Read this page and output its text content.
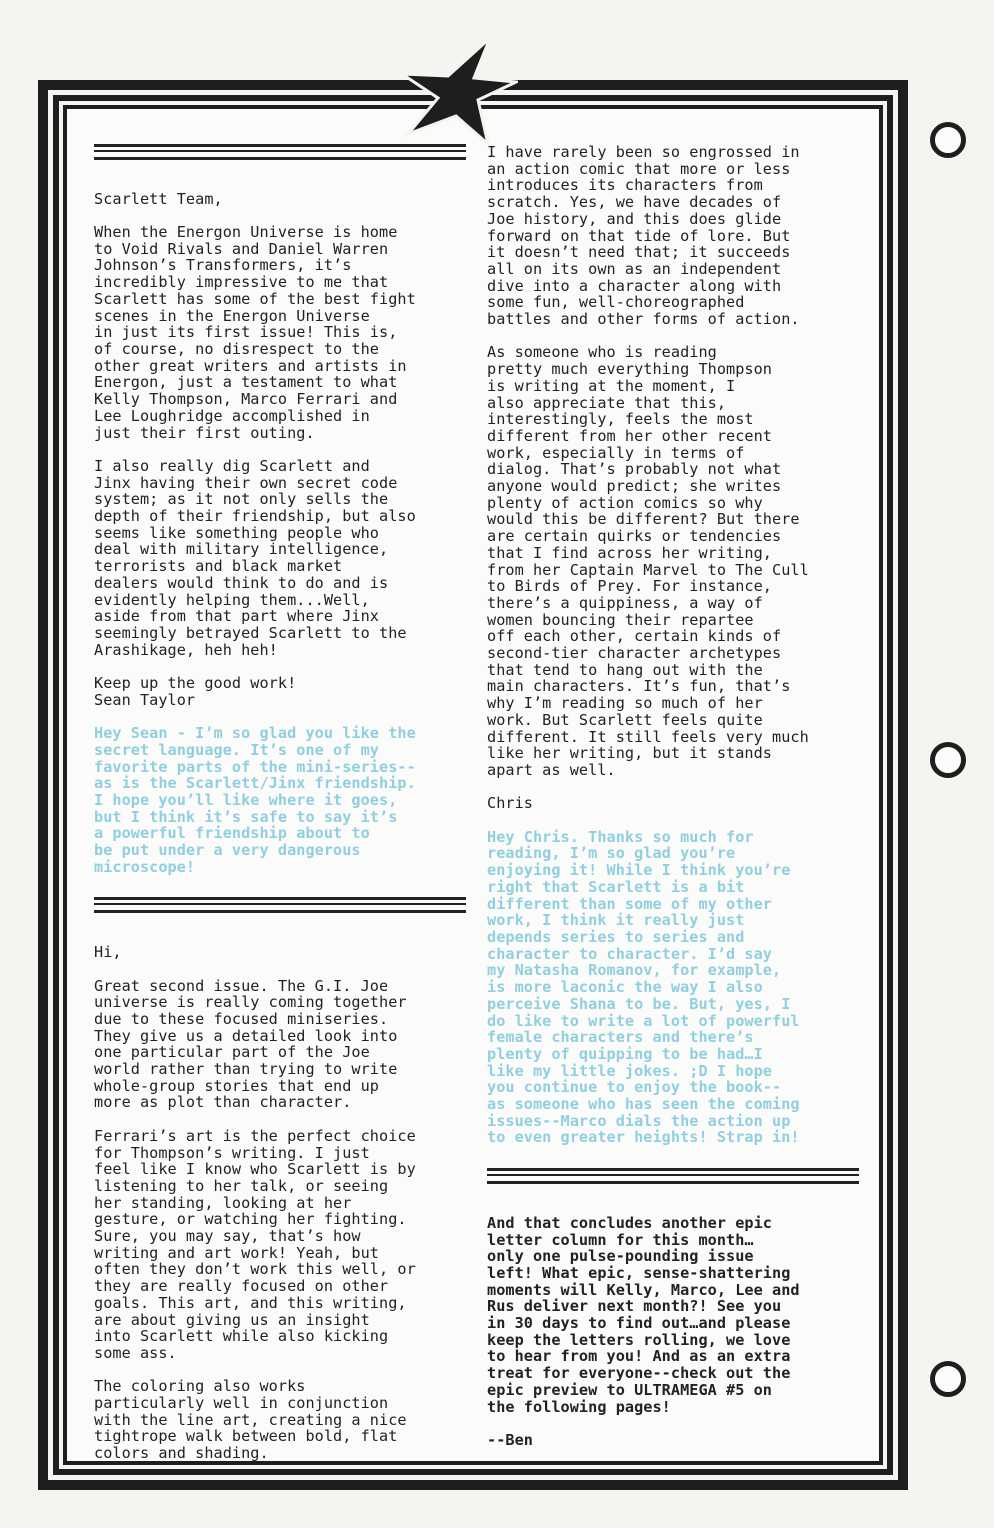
Scarlett Team,

When the Energon Universe is home
to Void Rivals and Daniel Warren
Johnson’s Transformers, it’s
incredibly impressive to me that
Scarlett has some of the best fight
scenes in the Energon Universe
in just its first issue! This is,
of course, no disrespect to the
other great writers and artists in
Energon, just a testament to what
Kelly Thompson, Marco Ferrari and
Lee Loughridge accomplished in
just their first outing.

I also really dig Scarlett and
Jinx having their own secret code
system; as it not only sells the
depth of their friendship, but also
seems like something people who
deal with military intelligence,
terrorists and black market
dealers would think to do and is
evidently helping them...Well,
aside from that part where Jinx
seemingly betrayed Scarlett to the
Arashikage, heh heh!

Keep up the good work!
Sean Taylor

Hey Sean - I’m so glad you like the
secret language. It’s one of my
favorite parts of the mini-series--
as is the Scarlett/Jinx friendship.
I hope you’ll like where it goes,
but I think it’s safe to say it’s
a powerful friendship about to
be put under a very dangerous
microscope!

Hi,

Great second issue. The G.I. Joe
universe is really coming together
due to these focused miniseries.
They give us a detailed look into
one particular part of the Joe
world rather than trying to write
whole-group stories that end up
more as plot than character.

Ferrari’s art is the perfect choice
for Thompson’s writing. I just
feel like I know who Scarlett is by
listening to her talk, or seeing
her standing, looking at her
gesture, or watching her fighting.
Sure, you may say, that’s how
writing and art work! Yeah, but
often they don’t work this well, or
they are really focused on other
goals. This art, and this writing,
are about giving us an insight
into Scarlett while also kicking
some ass.

The coloring also works
particularly well in conjunction
with the line art, creating a nice
tightrope walk between bold, flat
colors and shading.

I have rarely been so engrossed in
an action comic that more or less
introduces its characters from
scratch. Yes, we have decades of
Joe history, and this does glide
forward on that tide of lore. But
it doesn’t need that; it succeeds
all on its own as an independent
dive into a character along with
some fun, well-choreographed
battles and other forms of action.

As someone who is reading
pretty much everything Thompson
is writing at the moment, I
also appreciate that this,
interestingly, feels the most
different from her other recent
work, especially in terms of
dialog. That’s probably not what
anyone would predict; she writes
plenty of action comics so why
would this be different? But there
are certain quirks or tendencies
that I find across her writing,
from her Captain Marvel to The Cull
to Birds of Prey. For instance,
there’s a quippiness, a way of
women bouncing their repartee
off each other, certain kinds of
second-tier character archetypes
that tend to hang out with the
main characters. It’s fun, that’s
why I’m reading so much of her
work. But Scarlett feels quite
different. It still feels very much
like her writing, but it stands
apart as well.

Chris

Hey Chris. Thanks so much for
reading, I’m so glad you’re
enjoying it! While I think you’re
right that Scarlett is a bit
different than some of my other
work, I think it really just
depends series to series and
character to character. I’d say
my Natasha Romanov, for example,
is more laconic the way I also
perceive Shana to be. But, yes, I
do like to write a lot of powerful
female characters and there’s
plenty of quipping to be had…I
like my little jokes. ;D I hope
you continue to enjoy the book--
as someone who has seen the coming
issues--Marco dials the action up
to even greater heights! Strap in!

And that concludes another epic
letter column for this month…
only one pulse-pounding issue
left! What epic, sense-shattering
moments will Kelly, Marco, Lee and
Rus deliver next month?! See you
in 30 days to find out…and please
keep the letters rolling, we love
to hear from you! And as an extra
treat for everyone--check out the
epic preview to ULTRAMEGA #5 on
the following pages!

--Ben
